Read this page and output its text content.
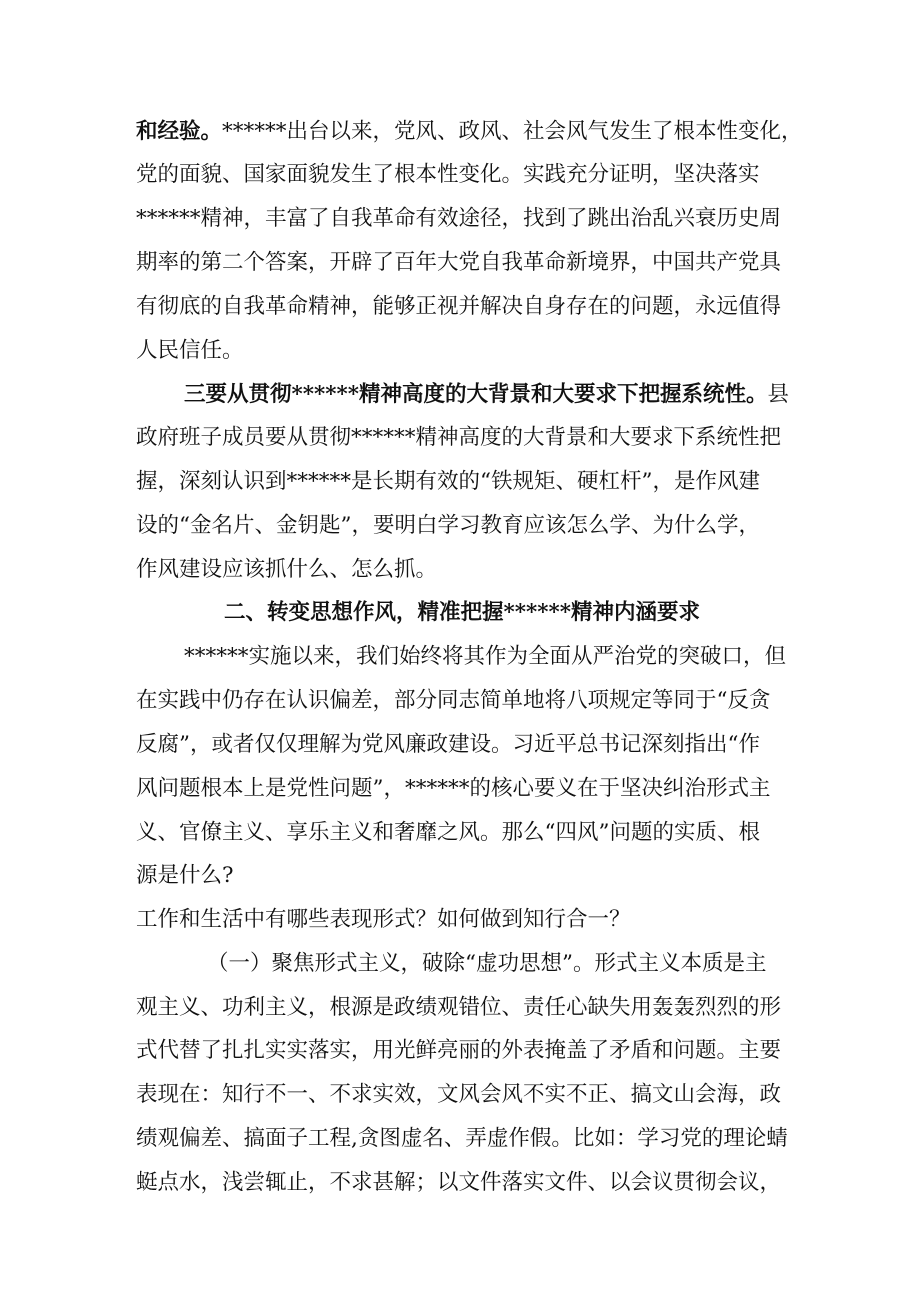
和经验。******出台以来，党风、政风、社会风气发生了根本性变化，
党的面貌、国家面貌发生了根本性变化。实践充分证明，坚决落实
******精神，丰富了自我革命有效途径，找到了跳出治乱兴衰历史周
期率的第二个答案，开辟了百年大党自我革命新境界，中国共产党具
有彻底的自我革命精神，能够正视并解决自身存在的问题，永远值得
人民信任。
三要从贯彻******精神高度的大背景和大要求下把握系统性。县
政府班子成员要从贯彻******精神高度的大背景和大要求下系统性把
握，深刻认识到******是长期有效的“铁规矩、硬杠杆”，是作风建
设的“金名片、金钥匙”，要明白学习教育应该怎么学、为什么学，
作风建设应该抓什么、怎么抓。
二、转变思想作风，精准把握******精神内涵要求
******实施以来，我们始终将其作为全面从严治党的突破口，但
在实践中仍存在认识偏差，部分同志简单地将八项规定等同于“反贪
反腐”，或者仅仅理解为党风廉政建设。习近平总书记深刻指出“作
风问题根本上是党性问题”，******的核心要义在于坚决纠治形式主
义、官僚主义、享乐主义和奢靡之风。那么“四风”问题的实质、根
源是什么?
工作和生活中有哪些表现形式？如何做到知行合一？
（一）聚焦形式主义，破除“虚功思想”。形式主义本质是主
观主义、功利主义，根源是政绩观错位、责任心缺失用轰轰烈烈的形
式代替了扎扎实实落实，用光鲜亮丽的外表掩盖了矛盾和问题。主要
表现在：知行不一、不求实效，文风会风不实不正、搞文山会海，政
绩观偏差、搞面子工程,贪图虚名、弄虚作假。比如：学习党的理论蜻
蜓点水，浅尝辄止，不求甚解；以文件落实文件、以会议贯彻会议，
